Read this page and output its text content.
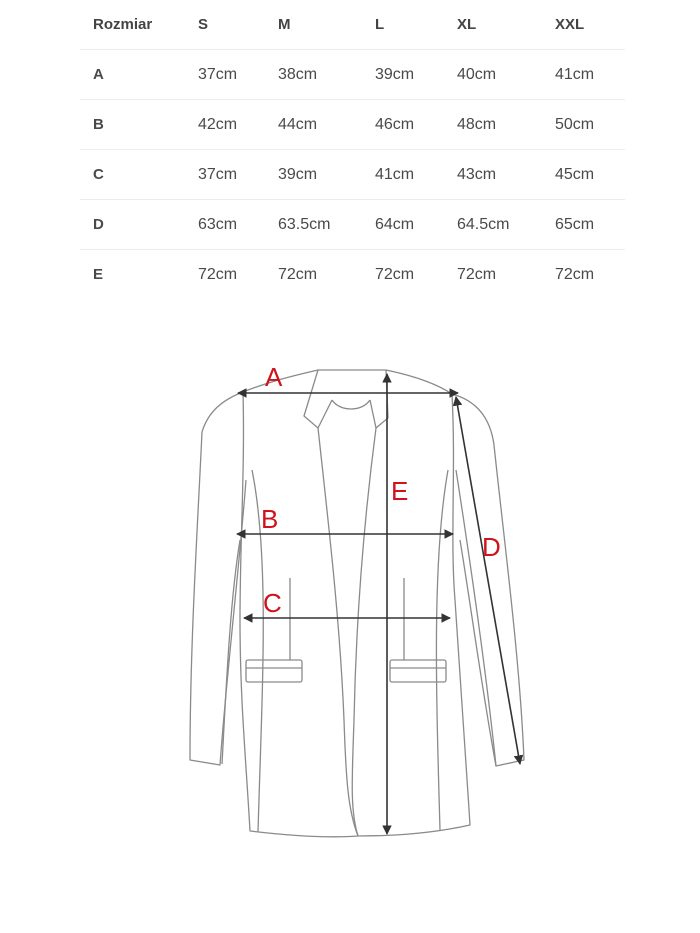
Rozmiar	S	M	L	XL	XXL
A	37cm	38cm	39cm	40cm	41cm
B	42cm	44cm	46cm	48cm	50cm
C	37cm	39cm	41cm	43cm	45cm
D	63cm	63.5cm	64cm	64.5cm	65cm
E	72cm	72cm	72cm	72cm	72cm
A
B
C
D
E
